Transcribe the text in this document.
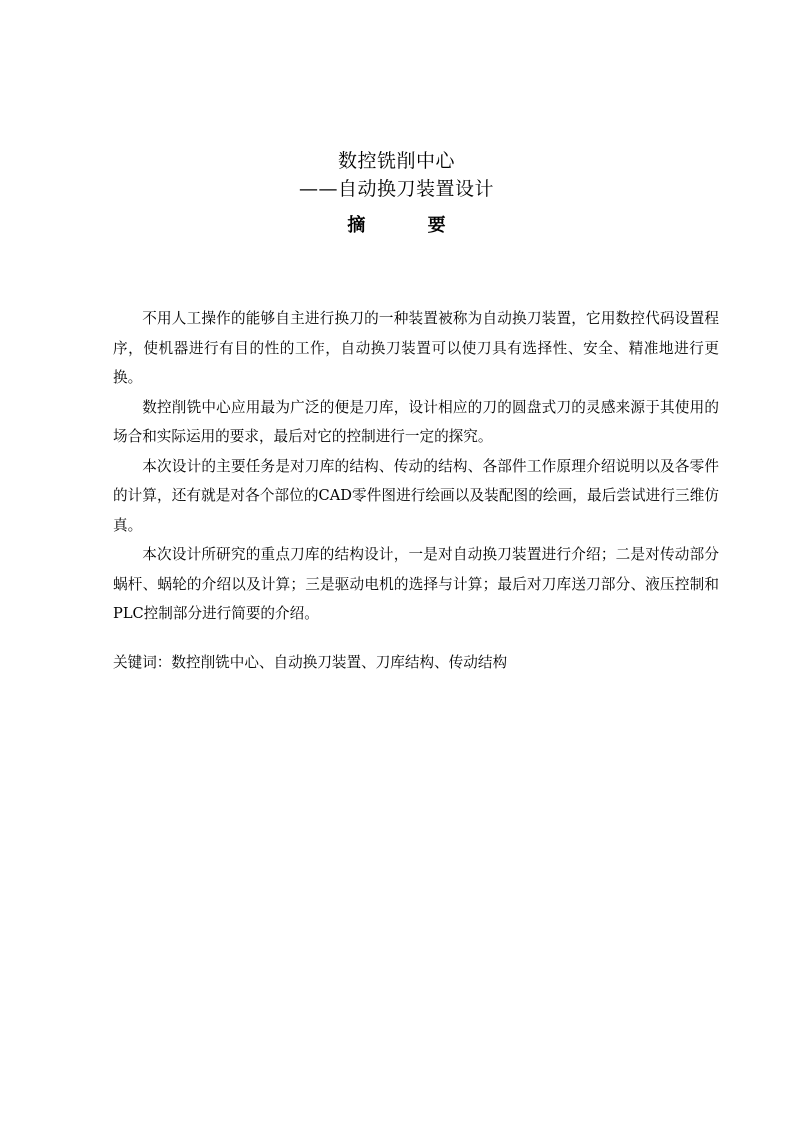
数控铣削中心
——自动换刀装置设计
摘 要

不用人工操作的能够自主进行换刀的一种装置被称为自动换刀装置，它用数控代码设置程序，使机器进行有目的性的工作，自动换刀装置可以使刀具有选择性、安全、精准地进行更换。

数控削铣中心应用最为广泛的便是刀库，设计相应的刀的圆盘式刀的灵感来源于其使用的场合和实际运用的要求，最后对它的控制进行一定的探究。

本次设计的主要任务是对刀库的结构、传动的结构、各部件工作原理介绍说明以及各零件的计算，还有就是对各个部位的CAD零件图进行绘画以及装配图的绘画，最后尝试进行三维仿真。

本次设计所研究的重点刀库的结构设计，一是对自动换刀装置进行介绍；二是对传动部分蜗杆、蜗轮的介绍以及计算；三是驱动电机的选择与计算；最后对刀库送刀部分、液压控制和PLC控制部分进行简要的介绍。

关键词：数控削铣中心、自动换刀装置、刀库结构、传动结构
